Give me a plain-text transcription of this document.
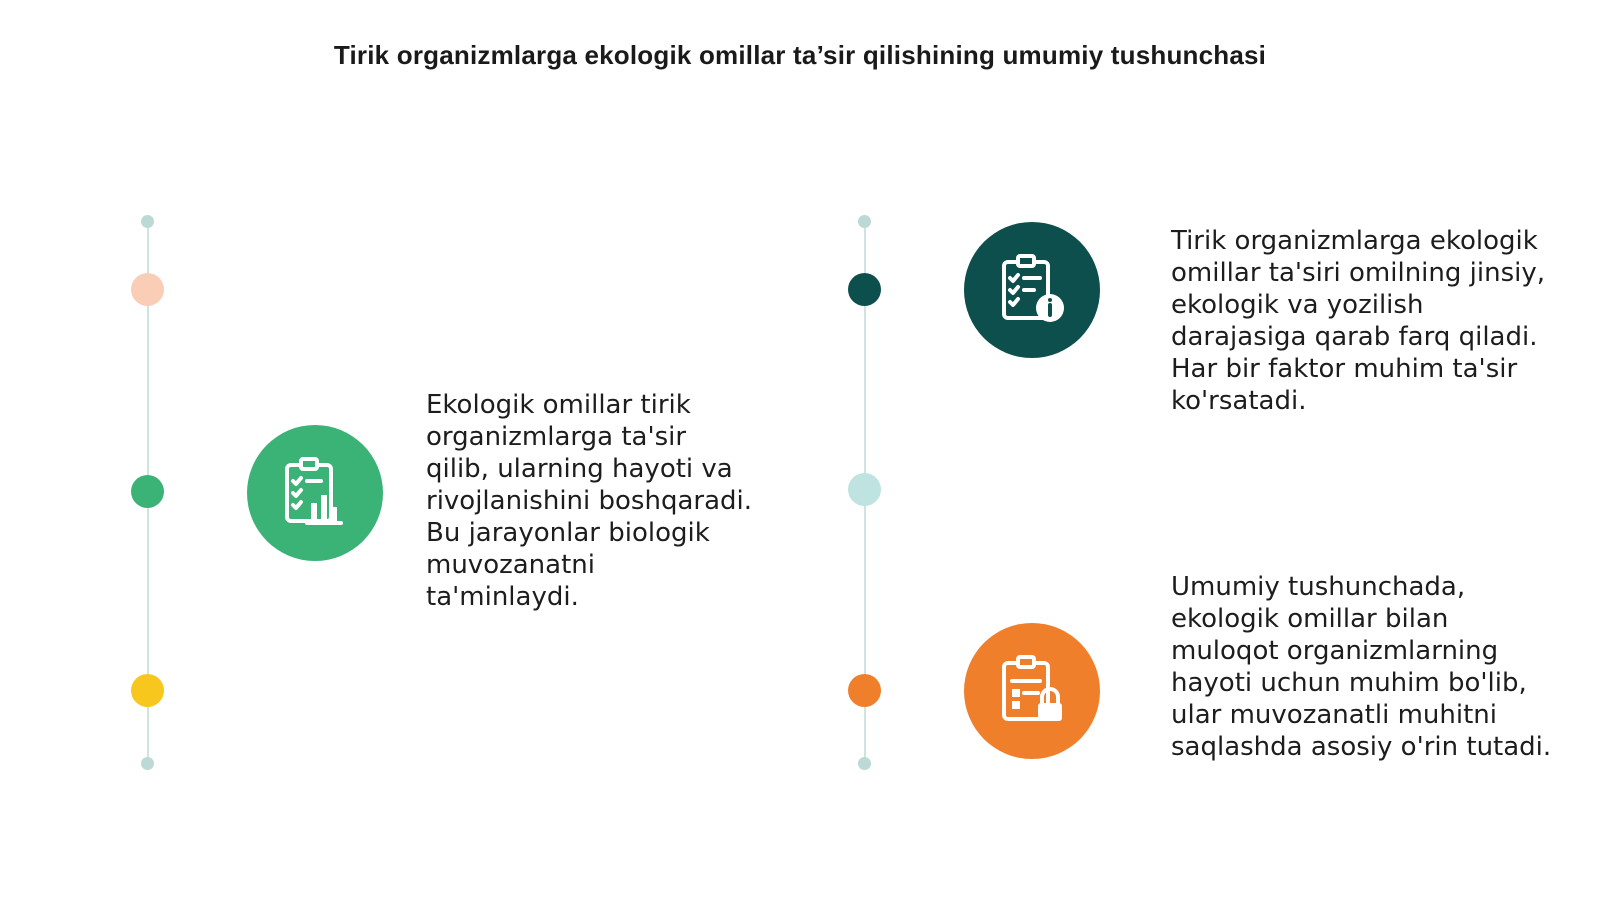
Tirik organizmlarga ekologik omillar ta’sir qilishining umumiy tushunchasi
Ekologik omillar tirik organizmlarga ta'sir qilib, ularning hayoti va rivojlanishini boshqaradi. Bu jarayonlar biologik muvozanatni ta'minlaydi.
Tirik organizmlarga ekologik omillar ta'siri omilning jinsiy, ekologik va yozilish darajasiga qarab farq qiladi. Har bir faktor muhim ta'sir ko'rsatadi.
Umumiy tushunchada, ekologik omillar bilan muloqot organizmlarning hayoti uchun muhim bo'lib, ular muvozanatli muhitni saqlashda asosiy o'rin tutadi.
